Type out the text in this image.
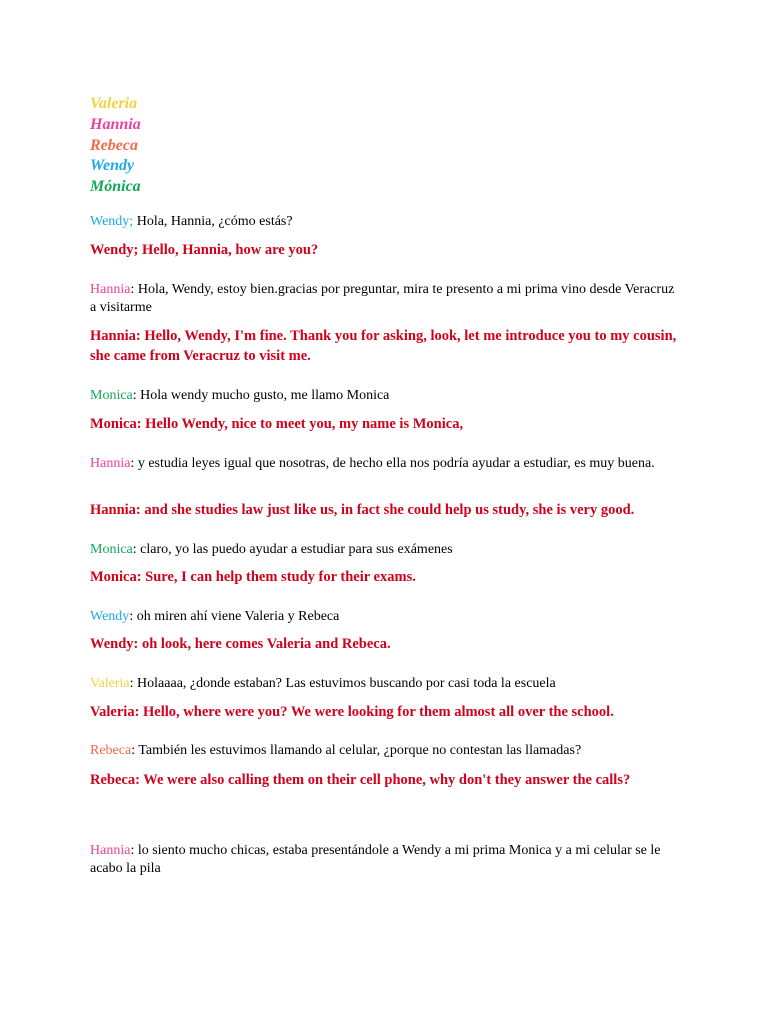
Valeria
Hannia
Rebeca
Wendy
Mónica
Wendy; Hola, Hannia, ¿cómo estás?
Wendy; Hello, Hannia, how are you?
Hannia: Hola, Wendy, estoy bien.gracias por preguntar, mira te presento a mi prima vino desde Veracruz a visitarme
Hannia: Hello, Wendy, I'm fine. Thank you for asking, look, let me introduce you to my cousin, she came from Veracruz to visit me.
Monica: Hola wendy mucho gusto, me llamo Monica
Monica: Hello Wendy, nice to meet you, my name is Monica,
Hannia: y estudia leyes igual que nosotras, de hecho ella nos podría ayudar a estudiar, es muy buena.
Hannia: and she studies law just like us, in fact she could help us study, she is very good.
Monica: claro, yo las puedo ayudar a estudiar para sus exámenes
Monica: Sure, I can help them study for their exams.
Wendy: oh miren ahí viene Valeria y Rebeca
Wendy: oh look, here comes Valeria and Rebeca.
Valeria: Holaaaa, ¿donde estaban? Las estuvimos buscando por casi toda la escuela
Valeria: Hello, where were you? We were looking for them almost all over the school.
Rebeca: También les estuvimos llamando al celular, ¿porque no contestan las llamadas?
Rebeca: We were also calling them on their cell phone, why don't they answer the calls?
Hannia: lo siento mucho chicas, estaba presentándole a Wendy a mi prima Monica y a mi celular se le acabo la pila
